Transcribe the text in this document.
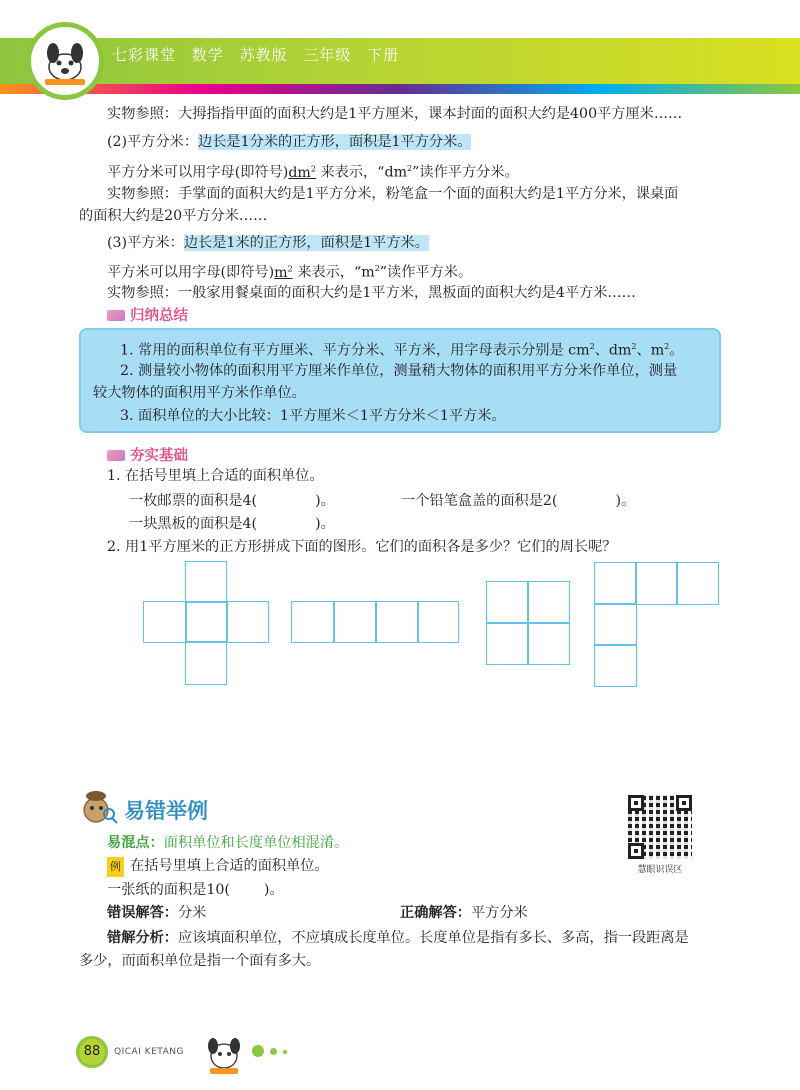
七彩课堂 数学 苏教版 三年级 下册
实物参照：大拇指指甲面的面积大约是1平方厘米，课本封面的面积大约是400平方厘米……
(2)平方分米：边长是1分米的正方形，面积是1平方分米。
平方分米可以用字母(即符号)$dm^2$ 来表示，“$dm^2$”读作平方分米。
实物参照：手掌面的面积大约是1平方分米，粉笔盒一个面的面积大约是1平方分米，课桌面
的面积大约是20平方分米……
(3)平方米：边长是1米的正方形，面积是1平方米。
平方米可以用字母(即符号)$m^2$ 来表示，“$m^2$”读作平方米。
实物参照：一般家用餐桌面的面积大约是1平方米，黑板面的面积大约是4平方米……
归纳总结
1. 常用的面积单位有平方厘米、平方分米、平方米，用字母表示分别是 $cm^2$、$dm^2$、$m^2$。
2. 测量较小物体的面积用平方厘米作单位，测量稍大物体的面积用平方分米作单位，测量
较大物体的面积用平方米作单位。
3. 面积单位的大小比较：1平方厘米＜1平方分米＜1平方米。
夯实基础
1. 在括号里填上合适的面积单位。
一枚邮票的面积是4(	)。	一个铅笔盒盖的面积是2(	)。
一块黑板的面积是4(	)。
2. 用1平方厘米的正方形拼成下面的图形。它们的面积各是多少？它们的周长呢？
易错举例
慧眼识误区
易混点：面积单位和长度单位相混淆。
例 在括号里填上合适的面积单位。
一张纸的面积是10( )。
错误解答：分米	正确解答：平方分米
错解分析：应该填面积单位，不应填成长度单位。长度单位是指有多长、多高，指一段距离是
多少，而面积单位是指一个面有多大。
88	QICAI KETANG
